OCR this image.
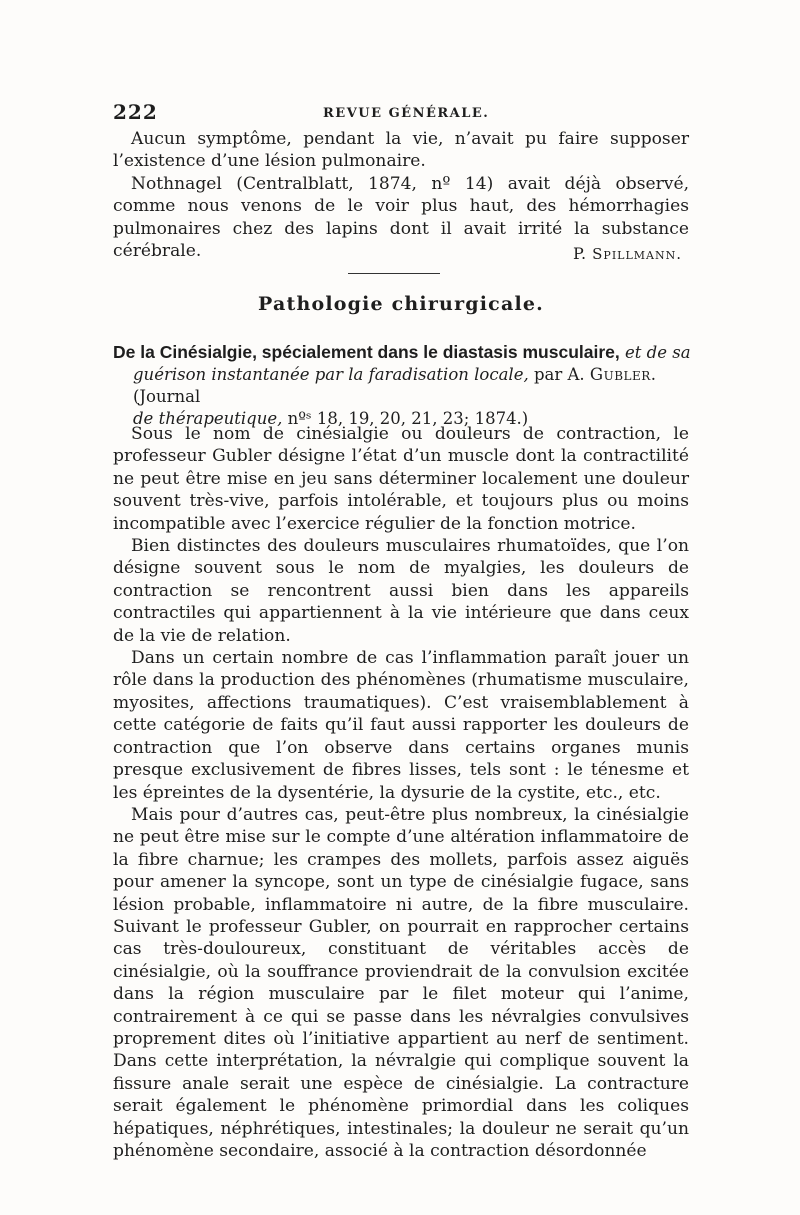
222	REVUE GÉNÉRALE.

Aucun symptôme, pendant la vie, n’avait pu faire supposer l’existence d’une lésion pulmonaire.

Nothnagel (Centralblatt, 1874, nº 14) avait déjà observé, comme nous venons de le voir plus haut, des hémorrhagies pulmonaires chez des lapins dont il avait irrité la substance cérébrale.	P. Spillmann.
Pathologie chirurgicale.
De la Cinésialgie, spécialement dans le diastasis musculaire, et de sa
guérison instantanée par la faradisation locale, par A. Gubler. (Journal
de thérapeutique, nºˢ 18, 19, 20, 21, 23; 1874.)

Sous le nom de cinésialgie ou douleurs de contraction, le professeur Gubler désigne l’état d’un muscle dont la contractilité ne peut être mise en jeu sans déterminer localement une douleur souvent très-vive, parfois intolérable, et toujours plus ou moins incompatible avec l’exercice régulier de la fonction motrice.

Bien distinctes des douleurs musculaires rhumatoïdes, que l’on désigne souvent sous le nom de myalgies, les douleurs de contraction se rencontrent aussi bien dans les appareils contractiles qui appartiennent à la vie intérieure que dans ceux de la vie de relation.

Dans un certain nombre de cas l’inflammation paraît jouer un rôle dans la production des phénomènes (rhumatisme musculaire, myosites, affections traumatiques). C’est vraisemblablement à cette catégorie de faits qu’il faut aussi rapporter les douleurs de contraction que l’on observe dans certains organes munis presque exclusivement de fibres lisses, tels sont : le ténesme et les épreintes de la dysentérie, la dysurie de la cystite, etc., etc.

Mais pour d’autres cas, peut-être plus nombreux, la cinésialgie ne peut être mise sur le compte d’une altération inflammatoire de la fibre charnue; les crampes des mollets, parfois assez aiguës pour amener la syncope, sont un type de cinésialgie fugace, sans lésion probable, inflammatoire ni autre, de la fibre musculaire. Suivant le professeur Gubler, on pourrait en rapprocher certains cas très-douloureux, constituant de véritables accès de cinésialgie, où la souffrance proviendrait de la convulsion excitée dans la région musculaire par le filet moteur qui l’anime, contrairement à ce qui se passe dans les névralgies convulsives proprement dites où l’initiative appartient au nerf de sentiment. Dans cette interprétation, la névralgie qui complique souvent la fissure anale serait une espèce de cinésialgie. La contracture serait également le phénomène primordial dans les coliques hépatiques, néphrétiques, intestinales; la douleur ne serait qu’un phénomène secondaire, associé à la contraction désordonnée
